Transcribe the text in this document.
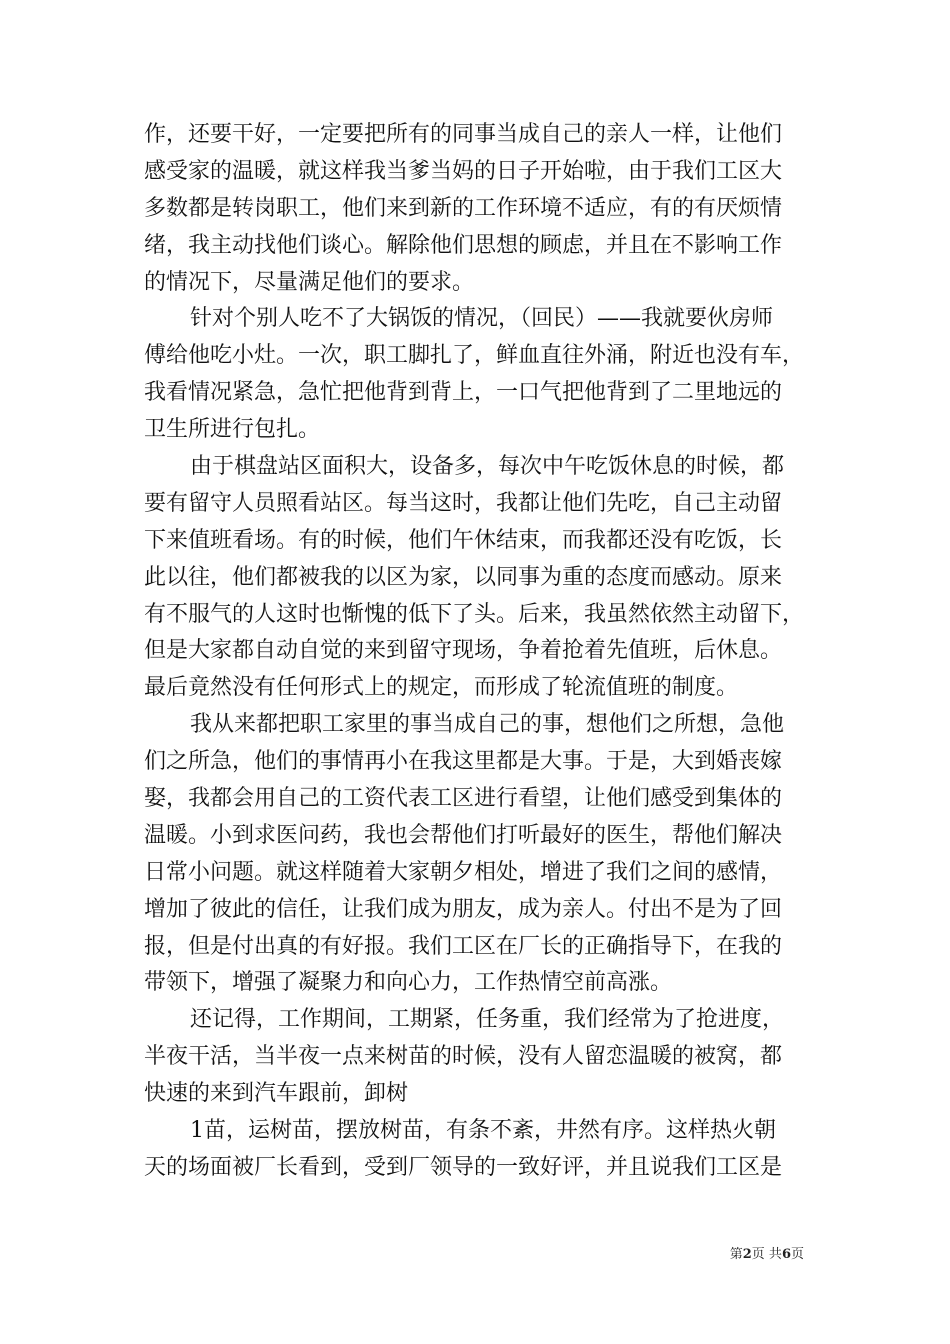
作，还要干好，一定要把所有的同事当成自己的亲人一样，让他们
感受家的温暖，就这样我当爹当妈的日子开始啦，由于我们工区大
多数都是转岗职工，他们来到新的工作环境不适应，有的有厌烦情
绪，我主动找他们谈心。解除他们思想的顾虑，并且在不影响工作
的情况下，尽量满足他们的要求。
针对个别人吃不了大锅饭的情况，（回民）——我就要伙房师
傅给他吃小灶。一次，职工脚扎了，鲜血直往外涌，附近也没有车，
我看情况紧急，急忙把他背到背上，一口气把他背到了二里地远的
卫生所进行包扎。
由于棋盘站区面积大，设备多，每次中午吃饭休息的时候，都
要有留守人员照看站区。每当这时，我都让他们先吃，自己主动留
下来值班看场。有的时候，他们午休结束，而我都还没有吃饭，长
此以往，他们都被我的以区为家，以同事为重的态度而感动。原来
有不服气的人这时也惭愧的低下了头。后来，我虽然依然主动留下，
但是大家都自动自觉的来到留守现场，争着抢着先值班，后休息。
最后竟然没有任何形式上的规定，而形成了轮流值班的制度。
我从来都把职工家里的事当成自己的事，想他们之所想，急他
们之所急，他们的事情再小在我这里都是大事。于是，大到婚丧嫁
娶，我都会用自己的工资代表工区进行看望，让他们感受到集体的
温暖。小到求医问药，我也会帮他们打听最好的医生，帮他们解决
日常小问题。就这样随着大家朝夕相处，增进了我们之间的感情，
增加了彼此的信任，让我们成为朋友，成为亲人。付出不是为了回
报，但是付出真的有好报。我们工区在厂长的正确指导下，在我的
带领下，增强了凝聚力和向心力，工作热情空前高涨。
还记得，工作期间，工期紧，任务重，我们经常为了抢进度，
半夜干活，当半夜一点来树苗的时候，没有人留恋温暖的被窝，都
快速的来到汽车跟前，卸树
1苗，运树苗，摆放树苗，有条不紊，井然有序。这样热火朝
天的场面被厂长看到，受到厂领导的一致好评，并且说我们工区是
第2页 共6页
